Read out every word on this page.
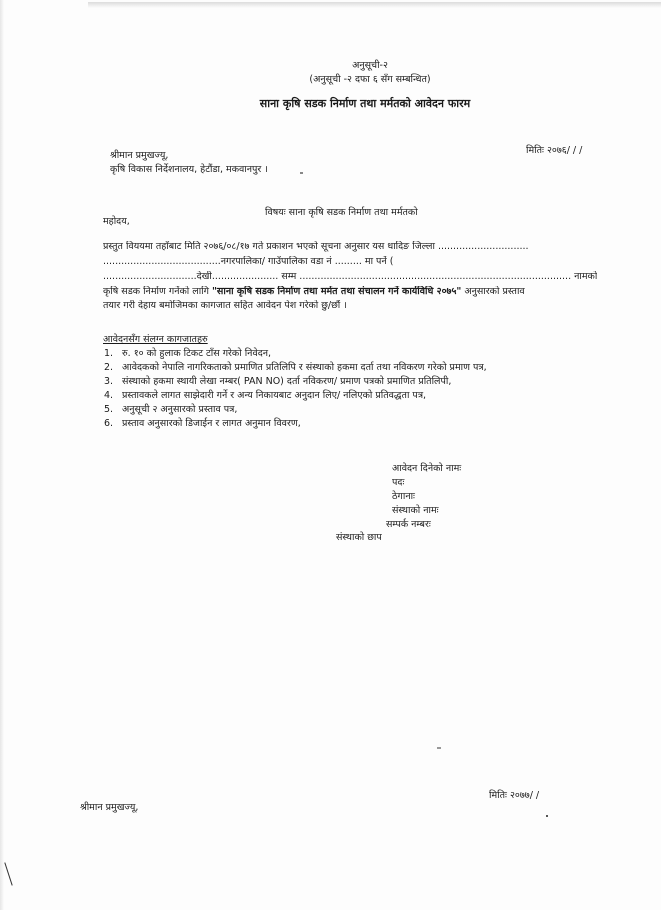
अनुसूची-२
(अनुसूची -२ दफा ६ सँग सम्बन्धित)
साना कृषि सडक निर्माण तथा मर्मतको आवेदन फारम
मितिः २०७६/ / /
श्रीमान प्रमुखज्यू,
कृषि विकास निर्देशनालय, हेटौंडा, मकवानपुर ।
विषयः साना कृषि सडक निर्माण तथा मर्मतको
महोदय,
प्रस्तुत विययमा तहाँबाट मिति २०७६/०८/१७ गते प्रकाशन भएको सूचना अनुसार यस धादिङ जिल्ला ..............................
.......................................नगरपालिका/ गाउँपालिका वडा नं ......... मा पर्ने (
...............................देखी...................... सम्म .......................................................................................... नामको
कृषि सडक निर्माण गर्नेको लागि "साना कृषि सडक निर्माण तथा मर्मत तथा संचालन गर्ने कार्यविधि २०७५" अनुसारको प्रस्ताव
तयार गरी देहाय बमोजिमका कागजात सहित आवेदन पेश गरेको छु/छौं ।
आवेदनसँग संलग्न कागजातहरु
1. रु. १० को हुलाक टिकट टाँस गरेको निवेदन,
2. आवेदकको नेपालि नागरिकताको प्रमाणित प्रतिलिपि र संस्थाको हकमा दर्ता तथा नविकरण गरेको प्रमाण पत्र,
3. संस्थाको हकमा स्थायी लेखा नम्बर( PAN NO) दर्ता नविकरण/ प्रमाण पत्रको प्रमाणित प्रतिलिपी,
4. प्रस्तावकले लागत साझेदारी गर्ने र अन्य निकायबाट अनुदान लिए/ नलिएको प्रतिवद्धता पत्र,
5. अनुसूची २ अनुसारको प्रस्ताव पत्र,
6. प्रस्ताव अनुसारको डिजाईन र लागत अनुमान विवरण,
आवेदन दिनेको नामः
पदः
ठेगानाः
संस्थाको नामः
सम्पर्क नम्बरः
संस्थाको छाप
मितिः २०७७/ /
श्रीमान प्रमुखज्यू,
